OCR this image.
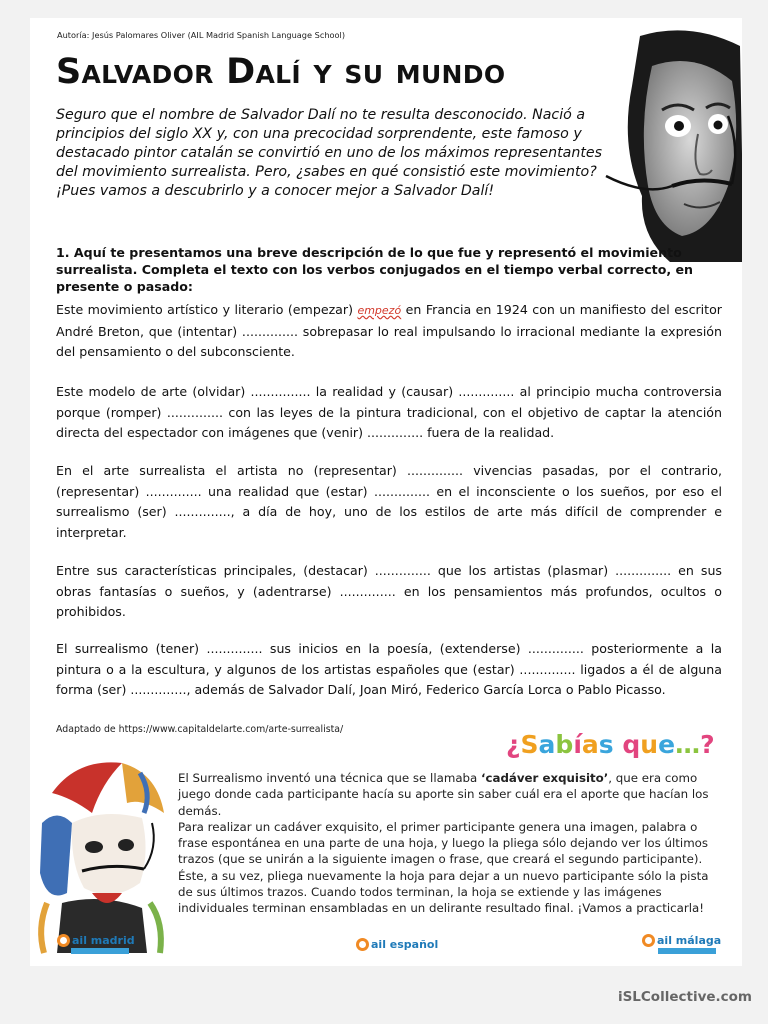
Autoría: Jesús Palomares Oliver (AIL Madrid Spanish Language School)
Salvador Dalí y su mundo
Seguro que el nombre de Salvador Dalí no te resulta desconocido. Nació a principios del siglo XX y, con una precocidad sorprendente, este famoso y destacado pintor catalán se convirtió en uno de los máximos representantes del movimiento surrealista. Pero, ¿sabes en qué consistió este movimiento? ¡Pues vamos a descubrirlo y a conocer mejor a Salvador Dalí!
1. Aquí te presentamos una breve descripción de lo que fue y representó el movimiento surrealista. Completa el texto con los verbos conjugados en el tiempo verbal correcto, en presente o pasado:
Este movimiento artístico y literario (empezar) empezó en Francia en 1924 con un manifiesto del escritor André Breton, que (intentar) .............. sobrepasar lo real impulsando lo irracional mediante la expresión del pensamiento o del subconsciente.
Este modelo de arte (olvidar) ............... la realidad y (causar) .............. al principio mucha controversia porque (romper) .............. con las leyes de la pintura tradicional, con el objetivo de captar la atención directa del espectador con imágenes que (venir) .............. fuera de la realidad.
En el arte surrealista el artista no (representar) .............. vivencias pasadas, por el contrario, (representar) .............. una realidad que (estar) .............. en el inconsciente o los sueños, por eso el surrealismo (ser) .............., a día de hoy, uno de los estilos de arte más difícil de comprender e interpretar.
Entre sus características principales, (destacar) .............. que los artistas (plasmar) .............. en sus obras fantasías o sueños, y (adentrarse) .............. en los pensamientos más profundos, ocultos o prohibidos.
El surrealismo (tener) .............. sus inicios en la poesía, (extenderse) .............. posteriormente a la pintura o a la escultura, y algunos de los artistas españoles que (estar) .............. ligados a él de alguna forma (ser) .............., además de Salvador Dalí, Joan Miró, Federico García Lorca o Pablo Picasso.
Adaptado de https://www.capitaldelarte.com/arte-surrealista/
¿Sabías que…?
El Surrealismo inventó una técnica que se llamaba ‘cadáver exquisito’, que era como juego donde cada participante hacía su aporte sin saber cuál era el aporte que hacían los demás.
Para realizar un cadáver exquisito, el primer participante genera una imagen, palabra o frase espontánea en una parte de una hoja, y luego la pliega sólo dejando ver los últimos trazos (que se unirán a la siguiente imagen o frase, que creará el segundo participante). Éste, a su vez, pliega nuevamente la hoja para dejar a un nuevo participante sólo la pista de sus últimos trazos. Cuando todos terminan, la hoja se extiende y las imágenes individuales terminan ensambladas en un delirante resultado final. ¡Vamos a practicarla!
ail madrid	ail español	ail málaga
iSLCollective.com
